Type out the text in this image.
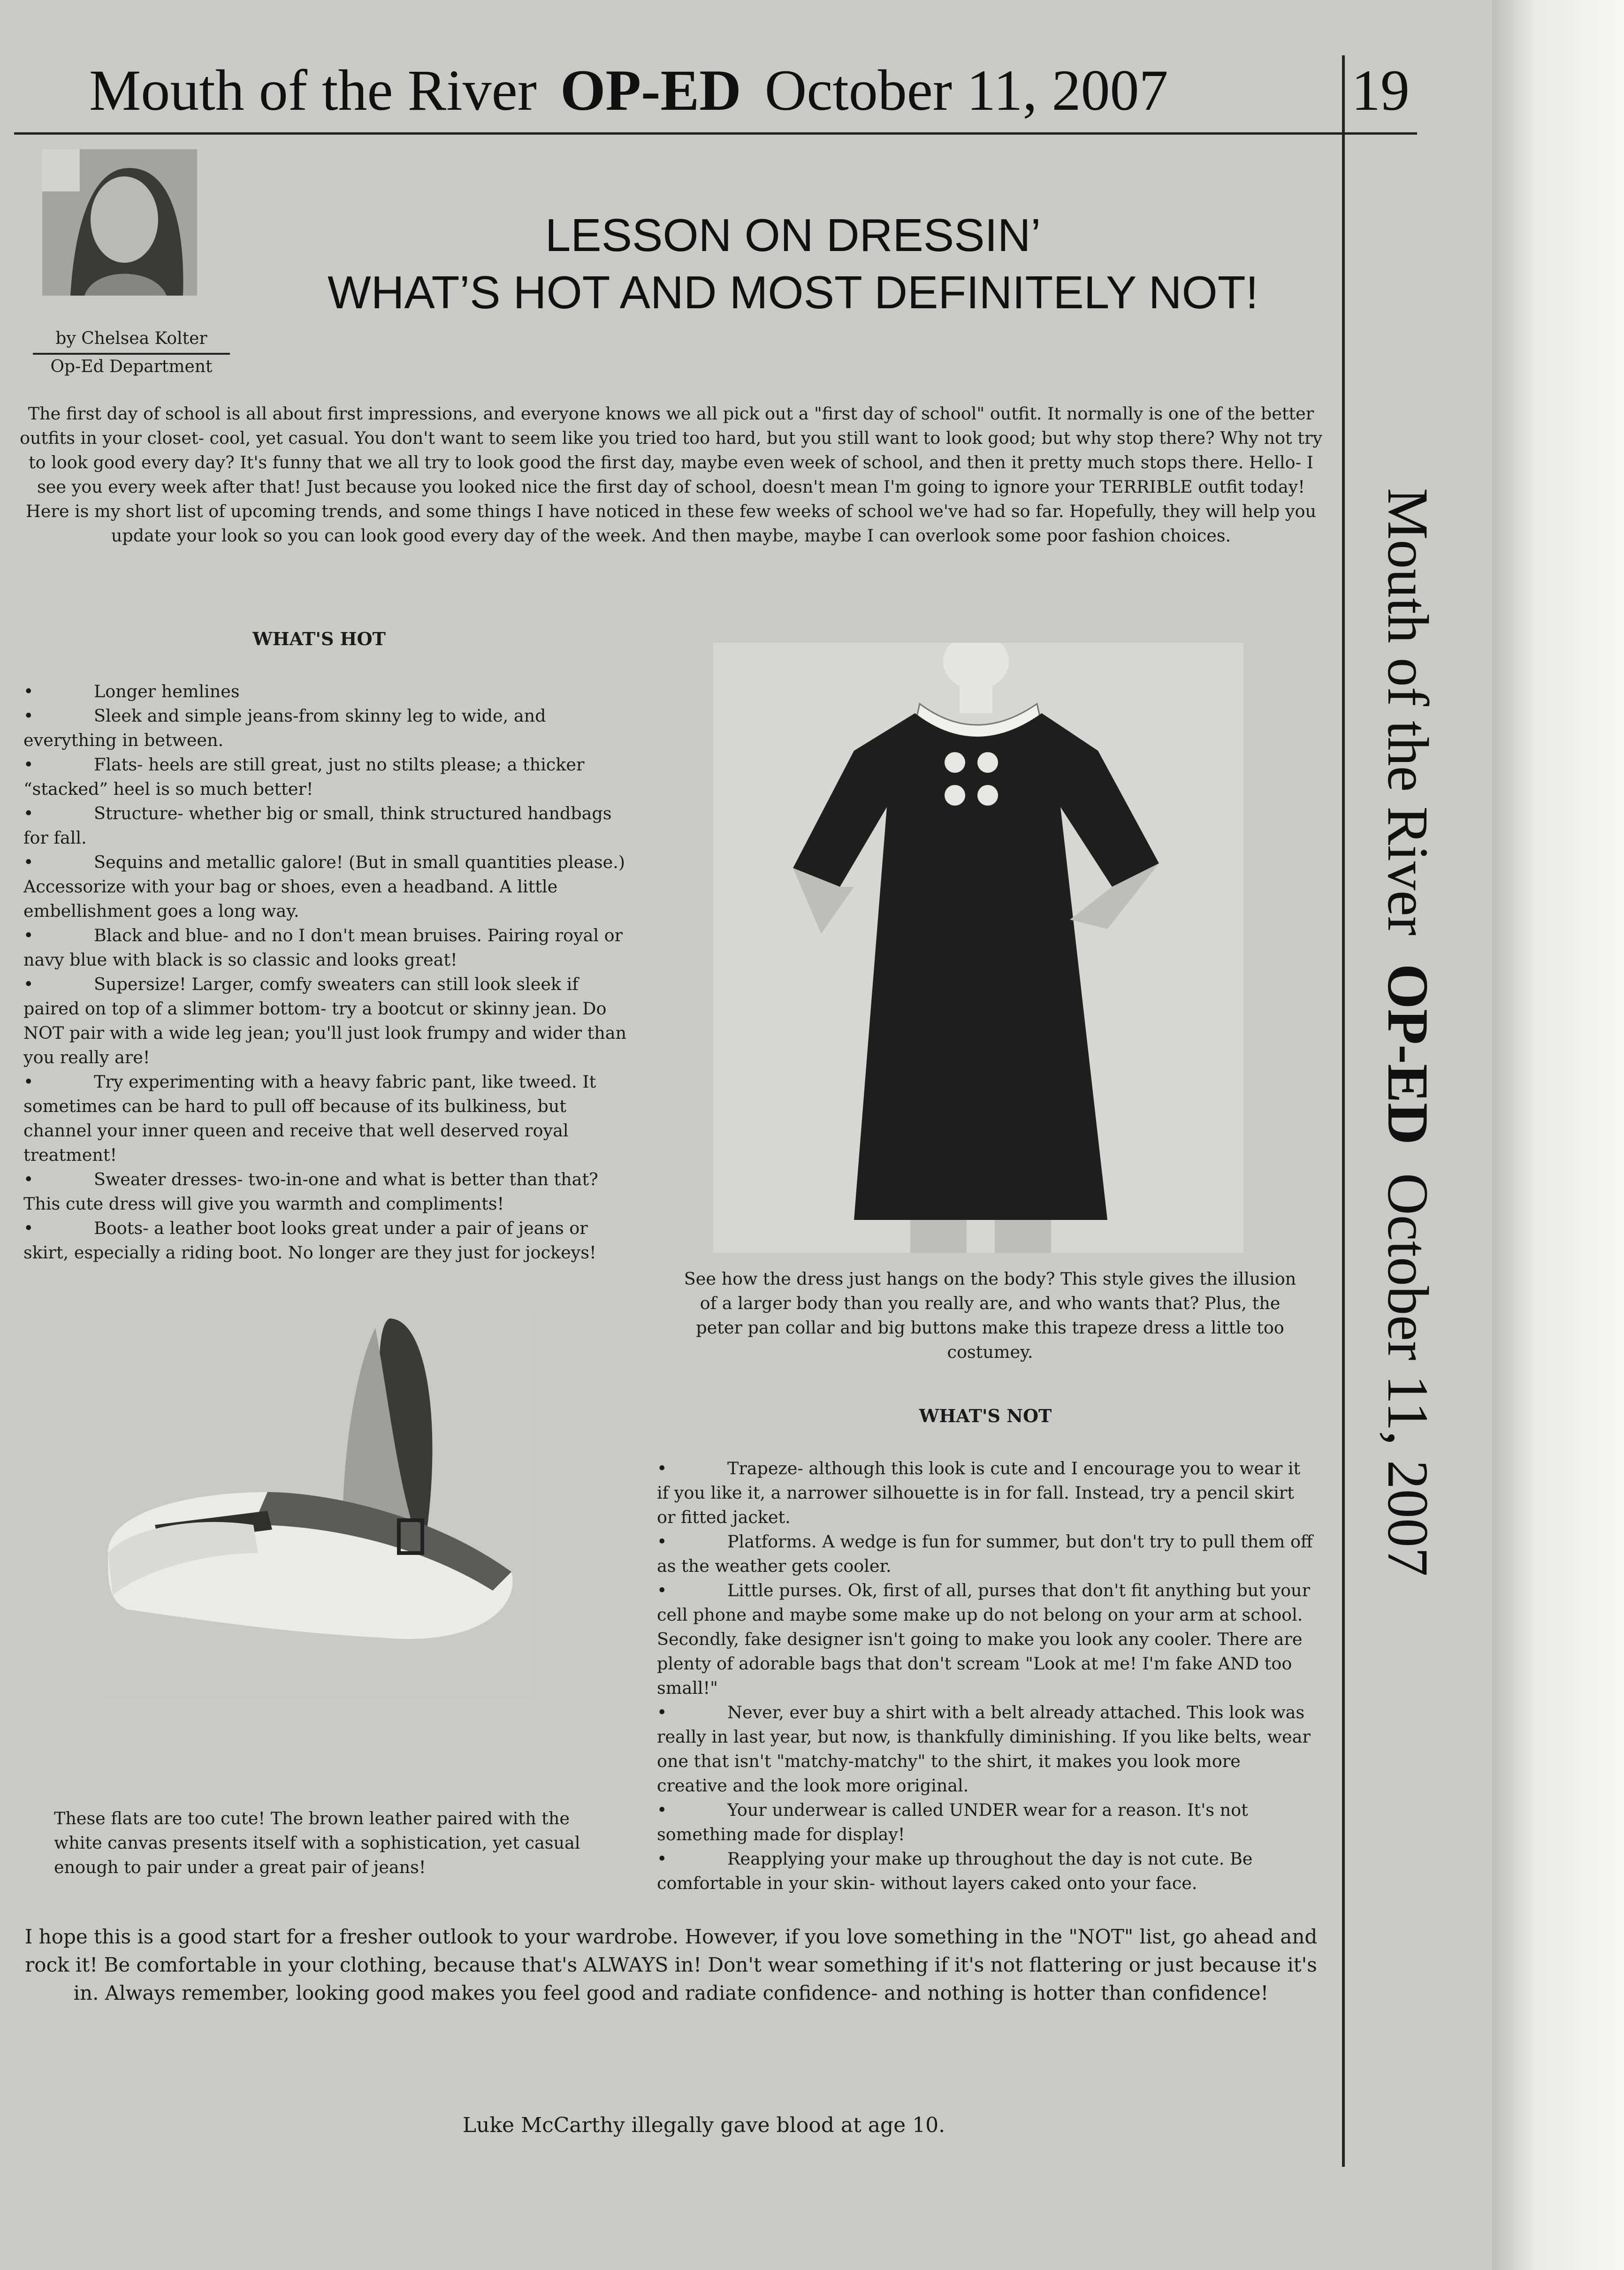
Mouth of the River OP-ED October 11, 2007	19
Mouth of the RiverOP-EDOctober 11, 2007
by Chelsea Kolter
Op-Ed Department
LESSON ON DRESSIN’
WHAT’S HOT AND MOST DEFINITELY NOT!
The first day of school is all about first impressions, and everyone knows we all pick out a "first day of school" outfit. It normally is one of the better outfits in your closet- cool, yet casual. You don't want to seem like you tried too hard, but you still want to look good; but why stop there? Why not try to look good every day? It's funny that we all try to look good the first day, maybe even week of school, and then it pretty much stops there. Hello- I see you every week after that! Just because you looked nice the first day of school, doesn't mean I'm going to ignore your TERRIBLE outfit today! Here is my short list of upcoming trends, and some things I have noticed in these few weeks of school we've had so far. Hopefully, they will help you update your look so you can look good every day of the week. And then maybe, maybe I can overlook some poor fashion choices.
WHAT'S HOT
• Longer hemlines
• Sleek and simple jeans-from skinny leg to wide, and everything in between.
• Flats- heels are still great, just no stilts please; a thicker “stacked” heel is so much better!
• Structure- whether big or small, think structured handbags for fall.
• Sequins and metallic galore! (But in small quantities please.) Accessorize with your bag or shoes, even a headband. A little embellishment goes a long way.
• Black and blue- and no I don't mean bruises. Pairing royal or navy blue with black is so classic and looks great!
• Supersize! Larger, comfy sweaters can still look sleek if paired on top of a slimmer bottom- try a bootcut or skinny jean. Do NOT pair with a wide leg jean; you'll just look frumpy and wider than you really are!
• Try experimenting with a heavy fabric pant, like tweed. It sometimes can be hard to pull off because of its bulkiness, but channel your inner queen and receive that well deserved royal treatment!
• Sweater dresses- two-in-one and what is better than that? This cute dress will give you warmth and compliments!
• Boots- a leather boot looks great under a pair of jeans or skirt, especially a riding boot. No longer are they just for jockeys!
See how the dress just hangs on the body? This style gives the illusion of a larger body than you really are, and who wants that? Plus, the peter pan collar and big buttons make this trapeze dress a little too costumey.
These flats are too cute! The brown leather paired with the white canvas presents itself with a sophistication, yet casual enough to pair under a great pair of jeans!
WHAT'S NOT
• Trapeze- although this look is cute and I encourage you to wear it if you like it, a narrower silhouette is in for fall. Instead, try a pencil skirt or fitted jacket.
• Platforms. A wedge is fun for summer, but don't try to pull them off as the weather gets cooler.
• Little purses. Ok, first of all, purses that don't fit anything but your cell phone and maybe some make up do not belong on your arm at school. Secondly, fake designer isn't going to make you look any cooler. There are plenty of adorable bags that don't scream "Look at me! I'm fake AND too small!"
• Never, ever buy a shirt with a belt already attached. This look was really in last year, but now, is thankfully diminishing. If you like belts, wear one that isn't "matchy-matchy" to the shirt, it makes you look more creative and the look more original.
• Your underwear is called UNDER wear for a reason. It's not something made for display!
• Reapplying your make up throughout the day is not cute. Be comfortable in your skin- without layers caked onto your face.
I hope this is a good start for a fresher outlook to your wardrobe. However, if you love something in the "NOT" list, go ahead and rock it! Be comfortable in your clothing, because that's ALWAYS in! Don't wear something if it's not flattering or just because it's in. Always remember, looking good makes you feel good and radiate confidence- and nothing is hotter than confidence!
Luke McCarthy illegally gave blood at age 10.
